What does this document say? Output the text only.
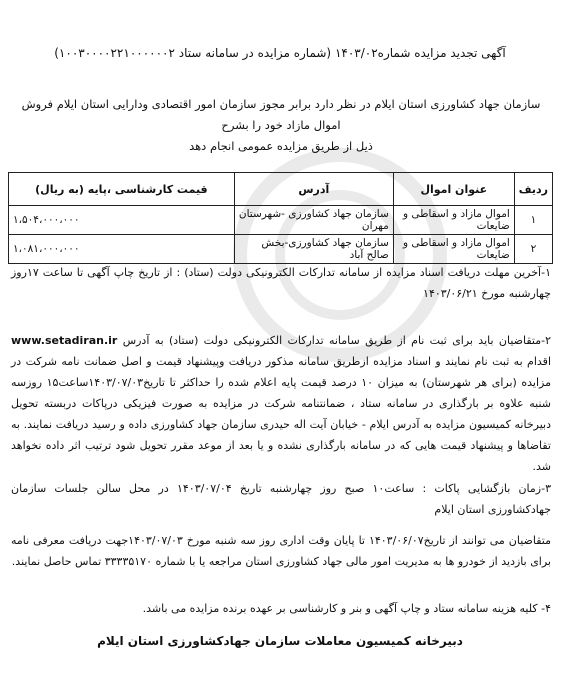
آگهی تجدید مزایده شماره۱۴۰۳/۰۲ (شماره مزایده در سامانه ستاد ۱۰۰۳۰۰۰۰۲۲۱۰۰۰۰۰۰۲)
سازمان جهاد کشاورزی استان ایلام در نظر دارد برابر مجوز سازمان امور اقتصادی ودارایی استان ایلام فروش اموال مازاد خود را بشرح
ذیل از طریق مزایده عمومی انجام دهد
ردیف	عنوان اموال	آدرس	قیمت کارشناسی ،پایه (به ریال)
۱	اموال مازاد و اسقاطی و ضایعات	سازمان جهاد کشاورزی -شهرستان مهران	۱،۵۰۴،۰۰۰،۰۰۰
۲	اموال مازاد و اسقاطی و ضایعات	سازمان جهاد کشاورزی-بخش صالح آباد	۱،۰۸۱،۰۰۰،۰۰۰
۱-آخرین مهلت دریافت اسناد مزایده از سامانه تدارکات الکترونیکی دولت (ستاد) : از تاریخ چاپ آگهی تا ساعت ۱۷روز چهارشنبه مورخ ۱۴۰۳/۰۶/۲۱
۲-متقاضیان باید برای ثبت نام از طریق سامانه تدارکات الکترونیکی دولت (ستاد) به آدرس www.setadiran.ir اقدام به ثبت نام نمایند و اسناد مزایده ازطریق سامانه مذکور دریافت وپیشنهاد قیمت و اصل ضمانت نامه شرکت در مزایده (برای هر شهرستان) به میزان ۱۰ درصد قیمت پایه اعلام شده را حداکثر تا تاریخ۱۴۰۳/۰۷/۰۳ساعت۱۵ روزسه شنبه علاوه بر بارگذاری در سامانه ستاد ، ضمانتنامه شرکت در مزایده به صورت فیزیکی درپاکات دربسته تحویل دبیرخانه کمیسیون مزایده به آدرس ایلام - خیابان آیت اله حیدری سازمان جهاد کشاورزی داده و رسید دریافت نمایند. به تقاضاها و پیشنهاد قیمت هایی که در سامانه بارگذاری نشده و یا بعد از موعد مقرر تحویل شود ترتیب اثر داده نخواهد شد.
۳-زمان بازگشایی پاکات : ساعت۱۰ صبح روز چهارشنبه تاریخ ۱۴۰۳/۰۷/۰۴ در محل سالن جلسات سازمان جهادکشاورزی استان ایلام
متقاضیان می توانند از تاریخ۱۴۰۳/۰۶/۰۷ تا پایان وقت اداری روز سه شنبه مورخ ۱۴۰۳/۰۷/۰۳جهت دریافت معرفی نامه برای بازدید از خودرو ها به مدیریت امور مالی جهاد کشاورزی استان مراجعه یا با شماره ۳۳۳۳۵۱۷۰ تماس حاصل نمایند.
۴- کلیه هزینه سامانه ستاد و چاپ آگهی و بنر و کارشناسی بر عهده برنده مزایده می باشد.
دبیرخانه کمیسیون معاملات سازمان جهادکشاورزی استان ایلام
